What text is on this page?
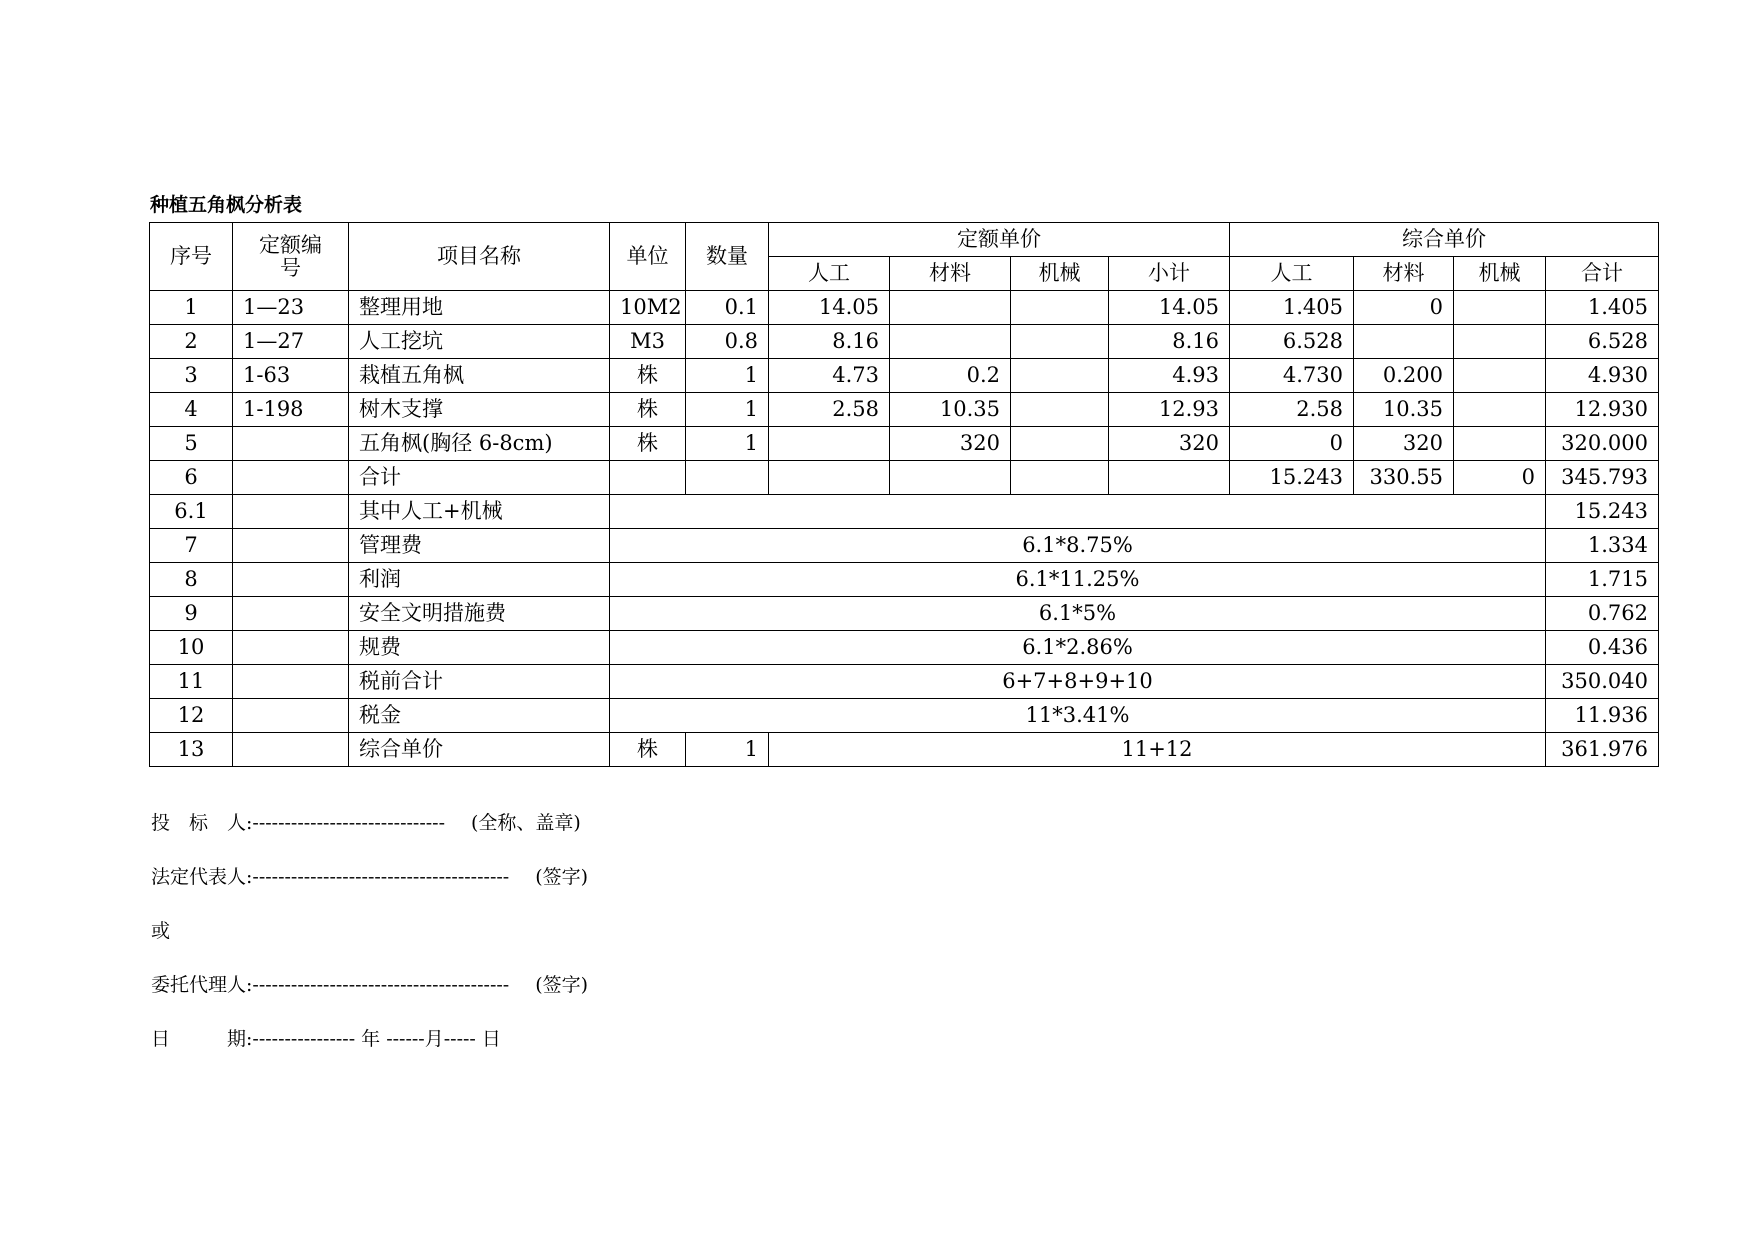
种植五角枫分析表
序号	定额编号	项目名称	单位	数量	定额单价				综合单价			
					人工	材料	机械	小计	人工	材料	机械	合计
1	1—23	整理用地	10M2	0.1	14.05			14.05	1.405	0		1.405
2	1—27	人工挖坑	M3	0.8	8.16			8.16	6.528			6.528
3	1-63	栽植五角枫	株	1	4.73	0.2		4.93	4.730	0.200		4.930
4	1-198	树木支撑	株	1	2.58	10.35		12.93	2.58	10.35		12.930
5		五角枫(胸径 6-8cm)	株	1		320		320	0	320		320.000
6		合计							15.243	330.55	0	345.793
6.1		其中人工+机械										15.243
7		管理费	6.1*8.75%									1.334
8		利润	6.1*11.25%									1.715
9		安全文明措施费	6.1*5%									0.762
10		规费	6.1*2.86%									0.436
11		税前合计	6+7+8+9+10									350.040
12		税金	11*3.41%									11.936
13		综合单价	株	1	11+12							361.976
投　标　人:------------------------------ (全称、盖章)
法定代表人:---------------------------------------- (签字)
或
委托代理人:---------------------------------------- (签字)
日　　　期:---------------- 年 ------月----- 日
